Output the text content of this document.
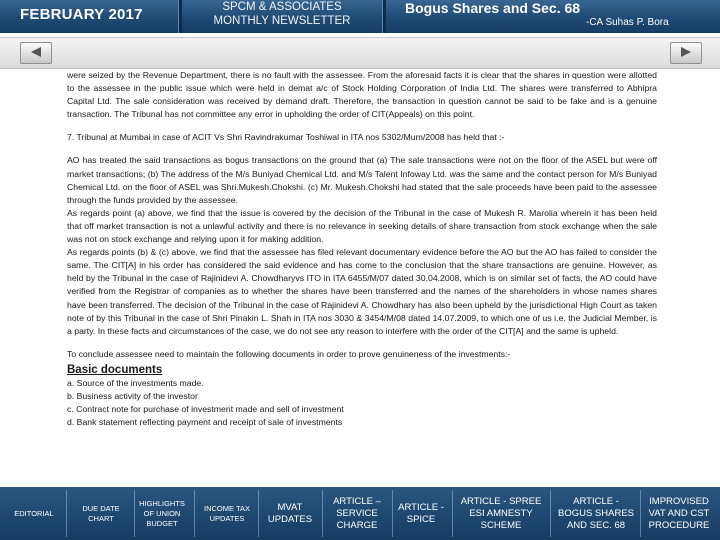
FEBRUARY 2017	SPCM & ASSOCIATES
MONTHLY NEWSLETTER
Bogus Shares and Sec. 68
-CA Suhas P. Bora

were seized by the Revenue Department, there is no fault with the assessee. From the aforesaid facts it is clear that the shares in question were allotted to the assessee in the public issue which were held in demat a/c of Stock Holding Corporation of India Ltd. The shares were transferred to Abhipra Capital Ltd. The sale consideration was received by demand draft. Therefore, the transaction in question cannot be said to be fake and is a genuine transaction. The Tribunal has not committee any error in upholding the order of CIT(Appeals) on this point.

7. Tribunal at Mumbai in case of ACIT Vs Shri Ravindrakumar Toshiwal in ITA nos 5302/Mum/2008 has held that :-

AO has treated the said transactions as bogus transactions on the ground that (a) The sale transactions were not on the floor of the ASEL but were off market transactions; (b) The address of the M/s Buniyad Chemical Ltd. and M/s Talent Infoway Ltd. was the same and the contact person for M/s Buniyad Chemical Ltd. on the floor of ASEL was Shri.Mukesh.Chokshi. (c) Mr. Mukesh.Chokshi had stated that the sale proceeds have been paid to the assessee through the funds provided by the assessee.

As regards point (a) above, we find that the issue is covered by the decision of the Tribunal in the case of Mukesh R. Marolia wherein it has been held that off market transaction is not a unlawful activity and there is no relevance in seeking details of share transaction from stock exchange when the sale was not on stock exchange and relying upon it for making addition.

As regards points (b) & (c) above, we find that the assessee has filed relevant documentary evidence before the AO but the AO has failed to consider the same. The CIT[A] in his order has considered the said evidence and has come to the conclusion that the share transactions are genuine. However, as held by the Tribunal in the case of Rajinidevi A. Chowdharyvs ITO in ITA 6455/M/07 dated 30.04.2008, which is on similar set of facts, the AO could have verified from the Registrar of companies as to whether the shares have been transferred and the names of the shareholders in whose names shares have been transferred. The decision of the Tribunal in the case of Rajinidevi A. Chowdhary has also been upheld by the jurisdictional High Court as taken note of by this Tribunal in the case of Shri Pinakin L. Shah in ITA nos 3030 & 3454/M/08 dated 14.07.2009, to which one of us i.e. the Judicial Member, is a party. In these facts and circumstances of the case, we do not see any reason to interfere with the order of the CIT[A] and the same is upheld.

To conclude assessee need to maintain the following documents in order to prove genuineness of the investments:-

Basic documents
a. Source of the investments made.
b. Business activity of the investor
c. Contract note for purchase of investment made and sell of investment
d. Bank statement reflecting payment and receipt of sale of investments
EDITORIAL
DUE DATE CHART
HIGHLIGHTS OF UNION BUDGET
INCOME TAX UPDATES
MVAT UPDATES
ARTICLE – SERVICE CHARGE
ARTICLE - SPICE
ARTICLE - SPREE ESI AMNESTY SCHEME
ARTICLE - BOGUS SHARES AND SEC. 68
IMPROVISED VAT AND CST PROCEDURE
